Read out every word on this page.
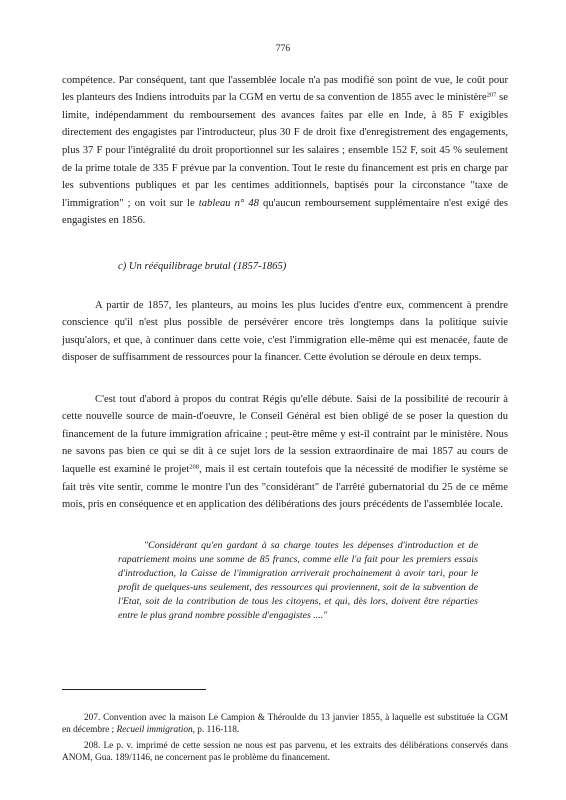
776

compétence. Par conséquent, tant que l'assemblée locale n'a pas modifié son point de vue, le coût pour les planteurs des Indiens introduits par la CGM en vertu de sa convention de 1855 avec le ministère$^{207}$ se limite, indépendamment du remboursement des avances faites par elle en Inde, à 85 F exigibles directement des engagistes par l'introducteur, plus 30 F de droit fixe d'enregistrement des engagements, plus 37 F pour l'intégralité du droit proportionnel sur les salaires ; ensemble 152 F, soit 45 % seulement de la prime totale de 335 F prévue par la convention. Tout le reste du financement est pris en charge par les subventions publiques et par les centimes additionnels, baptisés pour la circonstance "taxe de l'immigration" ; on voit sur le tableau n° 48 qu'aucun remboursement supplémentaire n'est exigé des engagistes en 1856.

c) Un rééquilibrage brutal (1857-1865)

A partir de 1857, les planteurs, au moins les plus lucides d'entre eux, commencent à prendre conscience qu'il n'est plus possible de persévérer encore très longtemps dans la politique suivie jusqu'alors, et que, à continuer dans cette voie, c'est l'immigration elle-même qui est menacée, faute de disposer de suffisamment de ressources pour la financer. Cette évolution se déroule en deux temps.

C'est tout d'abord à propos du contrat Régis qu'elle débute. Saisi de la possibilité de recourir à cette nouvelle source de main-d'oeuvre, le Conseil Général est bien obligé de se poser la question du financement de la future immigration africaine ; peut-être même y est-il contraint par le ministère. Nous ne savons pas bien ce qui se dit à ce sujet lors de la session extraordinaire de mai 1857 au cours de laquelle est examiné le projet$^{208}$, mais il est certain toutefois que la nécessité de modifier le système se fait très vite sentir, comme le montre l'un des "considérant" de l'arrêté gubernatorial du 25 de ce même mois, pris en conséquence et en application des délibérations des jours précédents de l'assemblée locale.

"Considérant qu'en gardant à sa charge toutes les dépenses d'introduction et de rapatriement moins une somme de 85 francs, comme elle l'a fait pour les premiers essais d'introduction, la Caisse de l'immigration arriverait prochainement à avoir tari, pour le profit de quelques-uns seulement, des ressources qui proviennent, soit de la subvention de l'Etat, soit de la contribution de tous les citoyens, et qui, dès lors, doivent être réparties entre le plus grand nombre possible d'engagistes ...."

207. Convention avec la maison Le Campion & Théroulde du 13 janvier 1855, à laquelle est substituée la CGM en décembre ; Recueil immigration, p. 116-118.

208. Le p. v. imprimé de cette session ne nous est pas parvenu, et les extraits des délibérations conservés dans ANOM, Gua. 189/1146, ne concernent pas le problème du financement.
